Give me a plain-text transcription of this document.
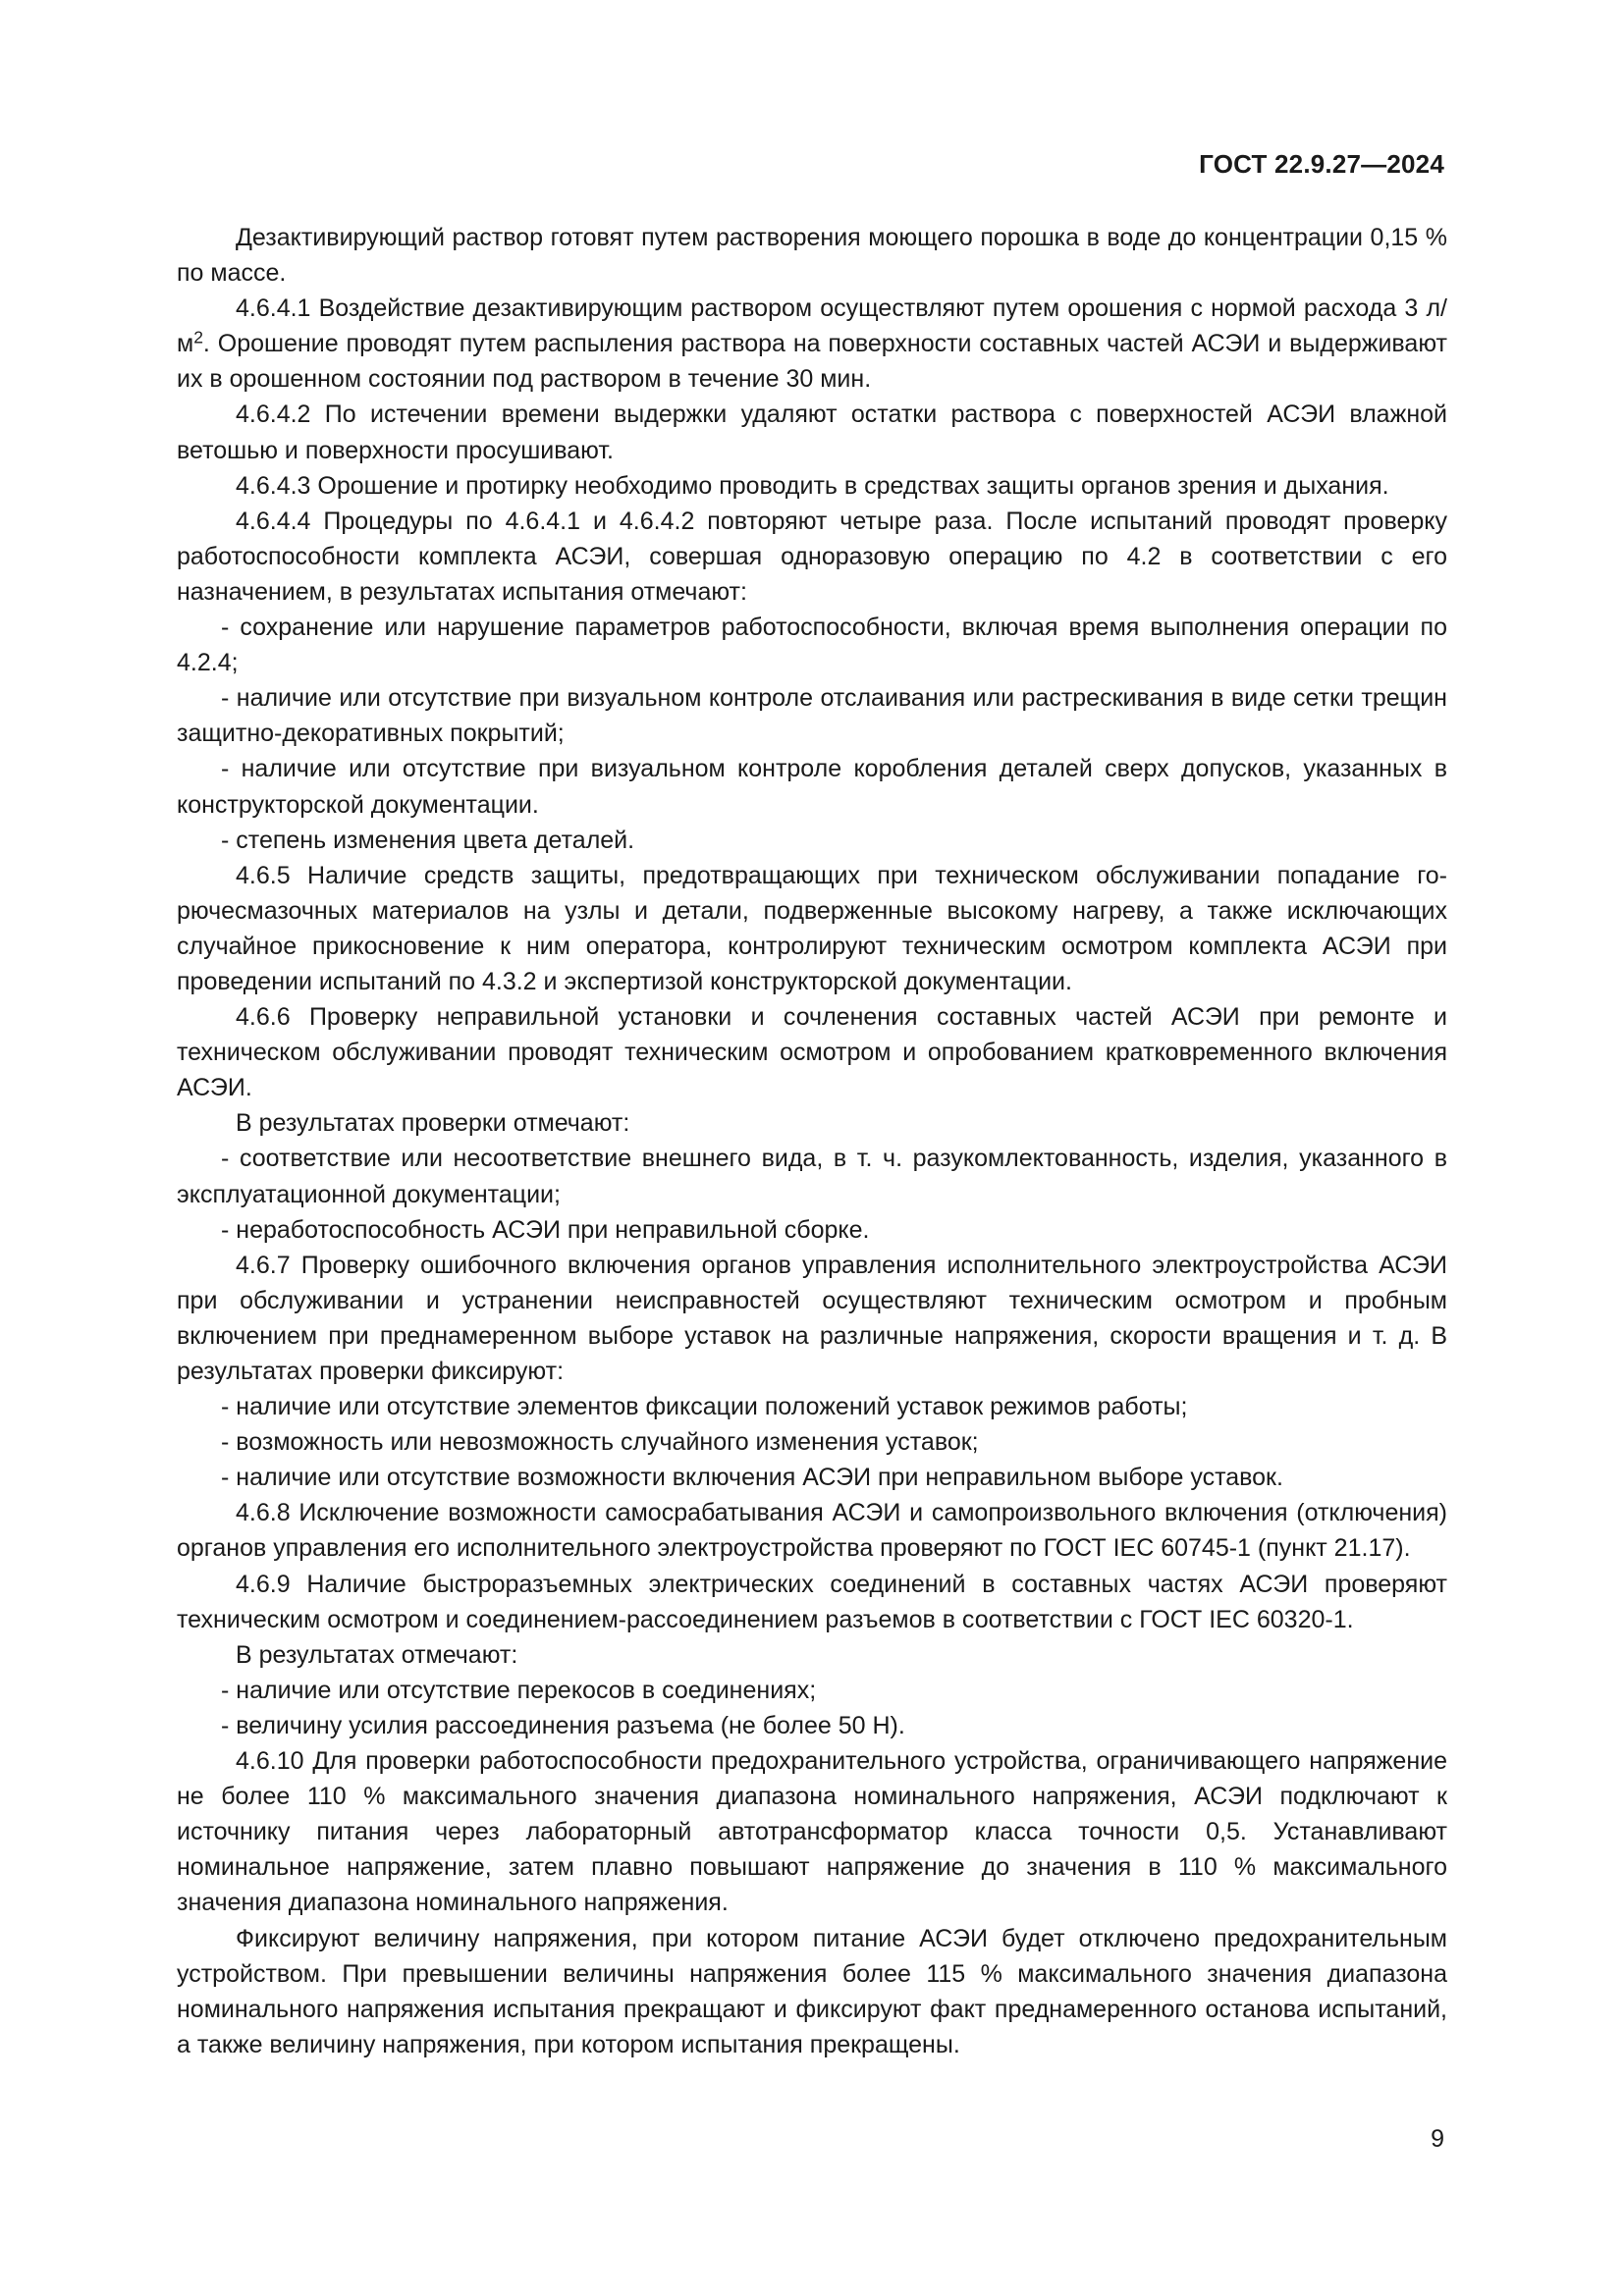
ГОСТ 22.9.27—2024

Дезактивирующий раствор готовят путем растворения моющего порошка в воде до концентрации 0,15 % по массе.

4.6.4.1 Воздействие дезактивирующим раствором осуществляют путем орошения с нормой расхода 3 $л/м^2$. Орошение проводят путем распыления раствора на поверхности составных частей АСЭИ и выдерживают их в орошенном состоянии под раствором в течение 30 мин.

4.6.4.2 По истечении времени выдержки удаляют остатки раствора с поверхностей АСЭИ влажной ветошью и поверхности просушивают.

4.6.4.3 Орошение и протирку необходимо проводить в средствах защиты органов зрения и дыхания.

4.6.4.4 Процедуры по 4.6.4.1 и 4.6.4.2 повторяют четыре раза. После испытаний проводят проверку работоспособности комплекта АСЭИ, совершая одноразовую операцию по 4.2 в соответствии с его назначением, в результатах испытания отмечают:

- сохранение или нарушение параметров работоспособности, включая время выполнения операции по 4.2.4;

- наличие или отсутствие при визуальном контроле отслаивания или растрескивания в виде сетки трещин защитно-декоративных покрытий;

- наличие или отсутствие при визуальном контроле коробления деталей сверх допусков, указанных в конструкторской документации.

- степень изменения цвета деталей.

4.6.5 Наличие средств защиты, предотвращающих при техническом обслуживании попадание горючесмазочных материалов на узлы и детали, подверженные высокому нагреву, а также исключающих случайное прикосновение к ним оператора, контролируют техническим осмотром комплекта АСЭИ при проведении испытаний по 4.3.2 и экспертизой конструкторской документации.

4.6.6 Проверку неправильной установки и сочленения составных частей АСЭИ при ремонте и техническом обслуживании проводят техническим осмотром и опробованием кратковременного включения АСЭИ.

В результатах проверки отмечают:

- соответствие или несоответствие внешнего вида, в т. ч. разукомлектованность, изделия, указанного в эксплуатационной документации;

- неработоспособность АСЭИ при неправильной сборке.

4.6.7 Проверку ошибочного включения органов управления исполнительного электроустройства АСЭИ при обслуживании и устранении неисправностей осуществляют техническим осмотром и пробным включением при преднамеренном выборе уставок на различные напряжения, скорости вращения и т. д. В результатах проверки фиксируют:

- наличие или отсутствие элементов фиксации положений уставок режимов работы;

- возможность или невозможность случайного изменения уставок;

- наличие или отсутствие возможности включения АСЭИ при неправильном выборе уставок.

4.6.8 Исключение возможности самосрабатывания АСЭИ и самопроизвольного включения (отключения) органов управления его исполнительного электроустройства проверяют по ГОСТ IEC 60745-1 (пункт 21.17).

4.6.9 Наличие быстроразъемных электрических соединений в составных частях АСЭИ проверяют техническим осмотром и соединением-рассоединением разъемов в соответствии с ГОСТ IEC 60320-1.

В результатах отмечают:

- наличие или отсутствие перекосов в соединениях;

- величину усилия рассоединения разъема (не более 50 Н).

4.6.10 Для проверки работоспособности предохранительного устройства, ограничивающего напряжение не более 110 % максимального значения диапазона номинального напряжения, АСЭИ подключают к источнику питания через лабораторный автотрансформатор класса точности 0,5. Устанавливают номинальное напряжение, затем плавно повышают напряжение до значения в 110 % максимального значения диапазона номинального напряжения.

Фиксируют величину напряжения, при котором питание АСЭИ будет отключено предохранительным устройством. При превышении величины напряжения более 115 % максимального значения диапазона номинального напряжения испытания прекращают и фиксируют факт преднамеренного останова испытаний, а также величину напряжения, при котором испытания прекращены.

9
